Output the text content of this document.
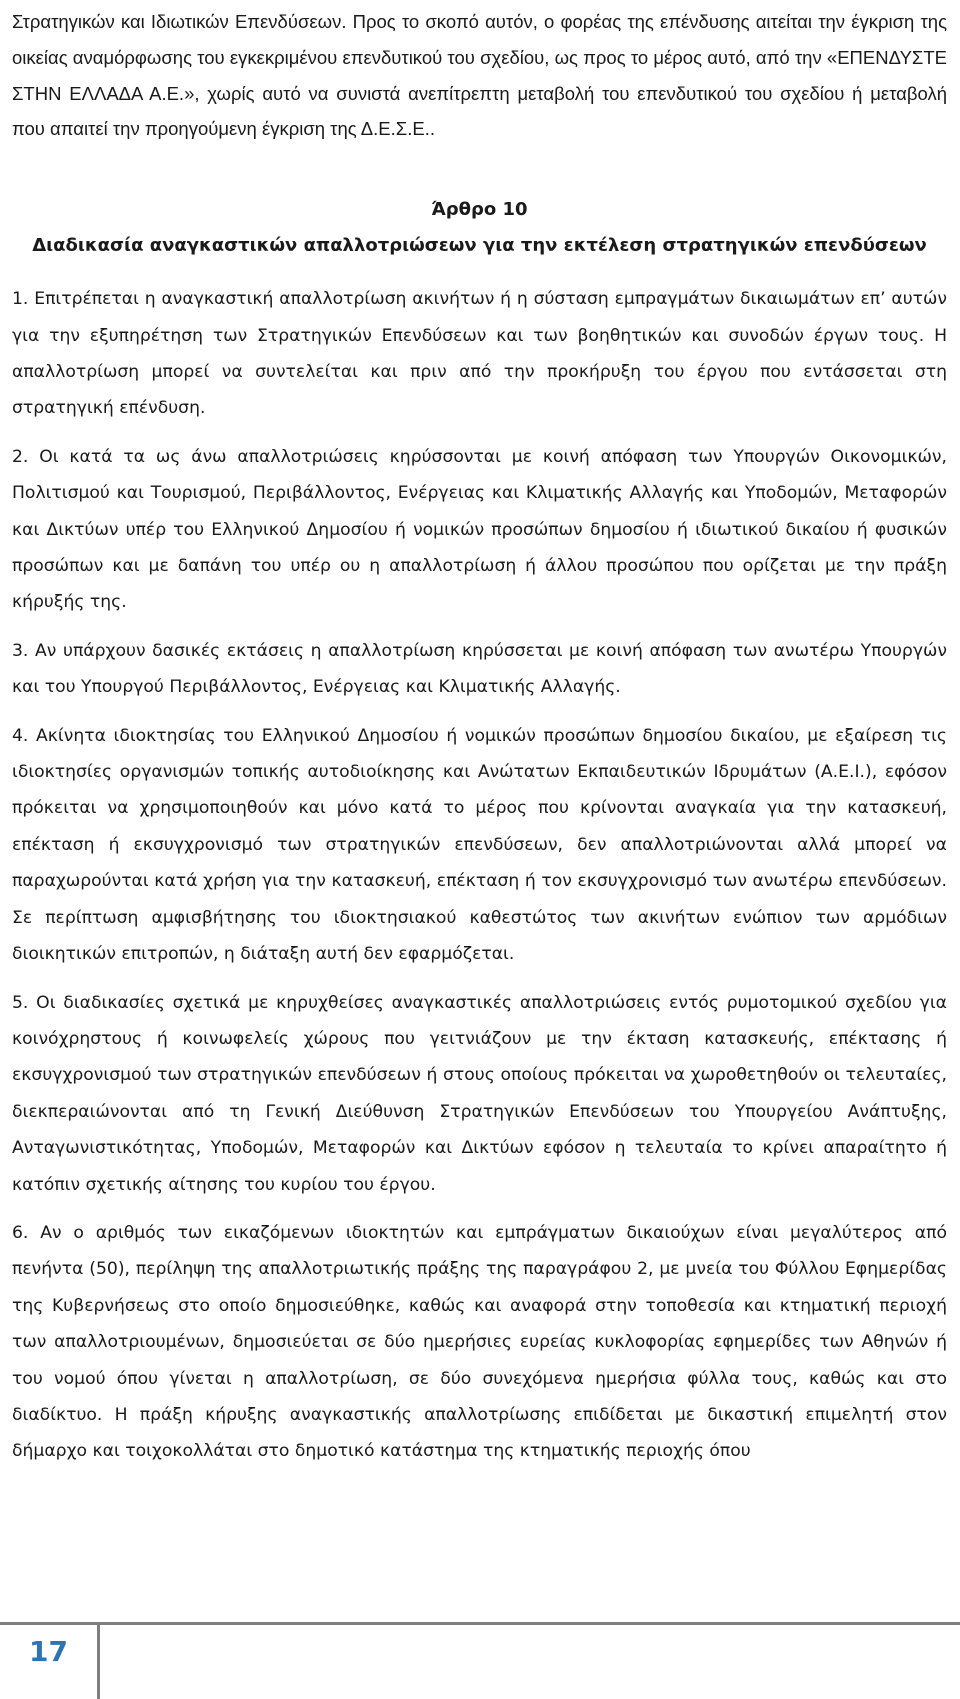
Στρατηγικών και Ιδιωτικών Επενδύσεων. Προς το σκοπό αυτόν, ο φορέας της επένδυσης αιτείται την έγκριση της οικείας αναμόρφωσης του εγκεκριμένου επενδυτικού του σχεδίου, ως προς το μέρος αυτό, από την «ΕΠΕΝΔΥΣΤΕ ΣΤΗΝ ΕΛΛΑΔΑ Α.Ε.», χωρίς αυτό να συνιστά ανεπίτρεπτη μεταβολή του επενδυτικού του σχεδίου ή μεταβολή που απαιτεί την προηγούμενη έγκριση της Δ.Ε.Σ.Ε..

Άρθρο 10

Διαδικασία αναγκαστικών απαλλοτριώσεων για την εκτέλεση στρατηγικών επενδύσεων

1. Επιτρέπεται η αναγκαστική απαλλοτρίωση ακινήτων ή η σύσταση εμπραγμάτων δικαιωμάτων επ’ αυτών για την εξυπηρέτηση των Στρατηγικών Επενδύσεων και των βοηθητικών και συνοδών έργων τους. Η απαλλοτρίωση μπορεί να συντελείται και πριν από την προκήρυξη του έργου που εντάσσεται στη στρατηγική επένδυση.

2. Οι κατά τα ως άνω απαλλοτριώσεις κηρύσσονται με κοινή απόφαση των Υπουργών Οικονομικών, Πολιτισμού και Τουρισμού, Περιβάλλοντος, Ενέργειας και Κλιματικής Αλλαγής και Υποδομών, Μεταφορών και Δικτύων υπέρ του Ελληνικού Δημοσίου ή νομικών προσώπων δημοσίου ή ιδιωτικού δικαίου ή φυσικών προσώπων και με δαπάνη του υπέρ ου η απαλλοτρίωση ή άλλου προσώπου που ορίζεται με την πράξη κήρυξής της.

3. Αν υπάρχουν δασικές εκτάσεις η απαλλοτρίωση κηρύσσεται με κοινή απόφαση των ανωτέρω Υπουργών και του Υπουργού Περιβάλλοντος, Ενέργειας και Κλιματικής Αλλαγής.

4. Ακίνητα ιδιοκτησίας του Ελληνικού Δημοσίου ή νομικών προσώπων δημοσίου δικαίου, με εξαίρεση τις ιδιοκτησίες οργανισμών τοπικής αυτοδιοίκησης και Ανώτατων Εκπαιδευτικών Ιδρυμάτων (Α.Ε.Ι.), εφόσον πρόκειται να χρησιμοποιηθούν και μόνο κατά το μέρος που κρίνονται αναγκαία για την κατασκευή, επέκταση ή εκσυγχρονισμό των στρατηγικών επενδύσεων, δεν απαλλοτριώνονται αλλά μπορεί να παραχωρούνται κατά χρήση για την κατασκευή, επέκταση ή τον εκσυγχρονισμό των ανωτέρω επενδύσεων. Σε περίπτωση αμφισβήτησης του ιδιοκτησιακού καθεστώτος των ακινήτων ενώπιον των αρμόδιων διοικητικών επιτροπών, η διάταξη αυτή δεν εφαρμόζεται.

5. Οι διαδικασίες σχετικά με κηρυχθείσες αναγκαστικές απαλλοτριώσεις εντός ρυμοτομικού σχεδίου για κοινόχρηστους ή κοινωφελείς χώρους που γειτνιάζουν με την έκταση κατασκευής, επέκτασης ή εκσυγχρονισμού των στρατηγικών επενδύσεων ή στους οποίους πρόκειται να χωροθετηθούν οι τελευταίες, διεκπεραιώνονται από τη Γενική Διεύθυνση Στρατηγικών Επενδύσεων του Υπουργείου Ανάπτυξης, Ανταγωνιστικότητας, Υποδομών, Μεταφορών και Δικτύων εφόσον η τελευταία το κρίνει απαραίτητο ή κατόπιν σχετικής αίτησης του κυρίου του έργου.

6. Αν ο αριθμός των εικαζόμενων ιδιοκτητών και εμπράγματων δικαιούχων είναι μεγαλύτερος από πενήντα (50), περίληψη της απαλλοτριωτικής πράξης της παραγράφου 2, με μνεία του Φύλλου Εφημερίδας της Κυβερνήσεως στο οποίο δημοσιεύθηκε, καθώς και αναφορά στην τοποθεσία και κτηματική περιοχή των απαλλοτριουμένων, δημοσιεύεται σε δύο ημερήσιες ευρείας κυκλοφορίας εφημερίδες των Αθηνών ή του νομού όπου γίνεται η απαλλοτρίωση, σε δύο συνεχόμενα ημερήσια φύλλα τους, καθώς και στο διαδίκτυο. Η πράξη κήρυξης αναγκαστικής απαλλοτρίωσης επιδίδεται με δικαστική επιμελητή στον δήμαρχο και τοιχοκολλάται στο δημοτικό κατάστημα της κτηματικής περιοχής όπου

17
